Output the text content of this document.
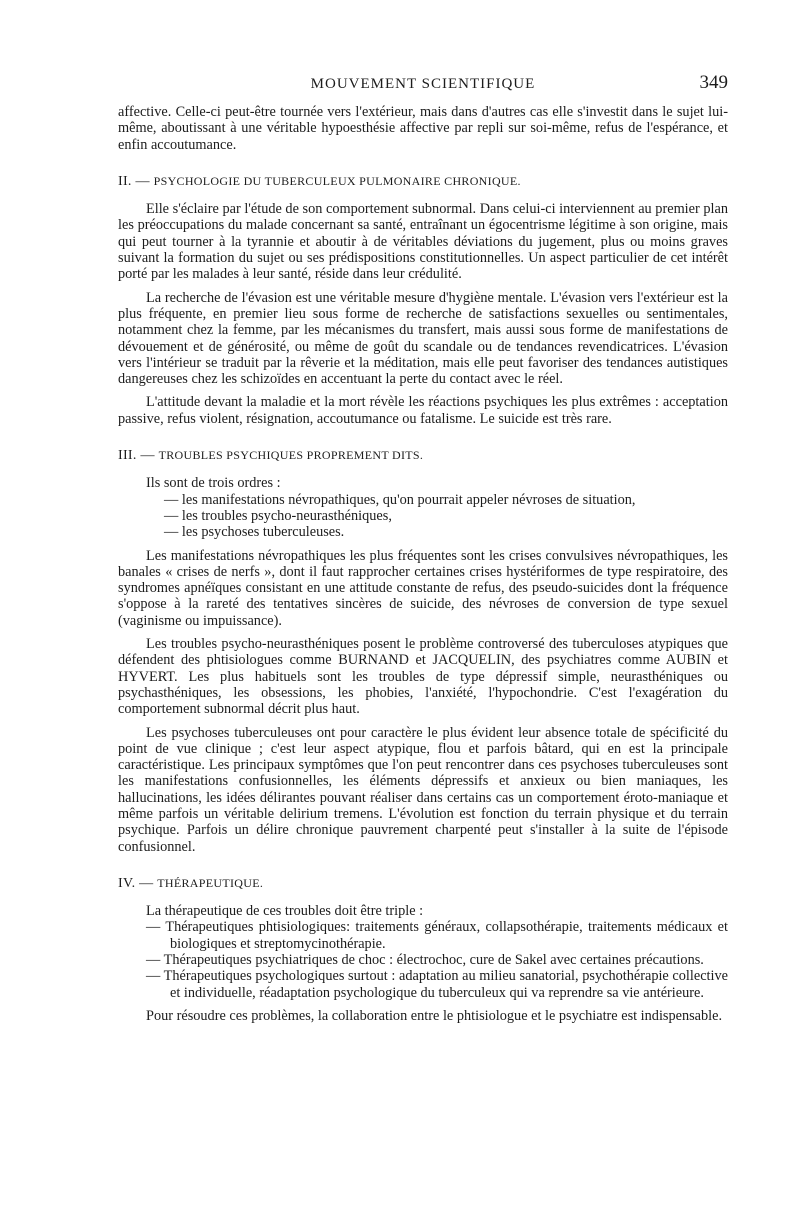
MOUVEMENT SCIENTIFIQUE	349

affective. Celle-ci peut-être tournée vers l'extérieur, mais dans d'autres cas elle s'investit dans le sujet lui-même, aboutissant à une véritable hypoesthésie affective par repli sur soi-même, refus de l'espérance, et enfin accoutumance.

II. — PSYCHOLOGIE DU TUBERCULEUX PULMONAIRE CHRONIQUE.

Elle s'éclaire par l'étude de son comportement subnormal. Dans celui-ci interviennent au premier plan les préoccupations du malade concernant sa santé, entraînant un égocentrisme légitime à son origine, mais qui peut tourner à la tyrannie et aboutir à de véritables déviations du jugement, plus ou moins graves suivant la formation du sujet ou ses prédispositions constitutionnelles. Un aspect particulier de cet intérêt porté par les malades à leur santé, réside dans leur crédulité.

La recherche de l'évasion est une véritable mesure d'hygiène mentale. L'évasion vers l'extérieur est la plus fréquente, en premier lieu sous forme de recherche de satisfactions sexuelles ou sentimentales, notamment chez la femme, par les mécanismes du transfert, mais aussi sous forme de manifestations de dévouement et de générosité, ou même de goût du scandale ou de tendances revendicatrices. L'évasion vers l'intérieur se traduit par la rêverie et la méditation, mais elle peut favoriser des tendances autistiques dangereuses chez les schizoïdes en accentuant la perte du contact avec le réel.

L'attitude devant la maladie et la mort révèle les réactions psychiques les plus extrêmes : acceptation passive, refus violent, résignation, accoutumance ou fatalisme. Le suicide est très rare.

III. — TROUBLES PSYCHIQUES PROPREMENT DITS.

Ils sont de trois ordres :

— les manifestations névropathiques, qu'on pourrait appeler névroses de situation,

— les troubles psycho-neurasthéniques,

— les psychoses tuberculeuses.

Les manifestations névropathiques les plus fréquentes sont les crises convulsives névropathiques, les banales « crises de nerfs », dont il faut rapprocher certaines crises hystériformes de type respiratoire, des syndromes apnéïques consistant en une attitude constante de refus, des pseudo-suicides dont la fréquence s'oppose à la rareté des tentatives sincères de suicide, des névroses de conversion de type sexuel (vaginisme ou impuissance).

Les troubles psycho-neurasthéniques posent le problème controversé des tuberculoses atypiques que défendent des phtisiologues comme BURNAND et JACQUELIN, des psychiatres comme AUBIN et HYVERT. Les plus habituels sont les troubles de type dépressif simple, neurasthéniques ou psychasthéniques, les obsessions, les phobies, l'anxiété, l'hypochondrie. C'est l'exagération du comportement subnormal décrit plus haut.

Les psychoses tuberculeuses ont pour caractère le plus évident leur absence totale de spécificité du point de vue clinique ; c'est leur aspect atypique, flou et parfois bâtard, qui en est la principale caractéristique. Les principaux symptômes que l'on peut rencontrer dans ces psychoses tuberculeuses sont les manifestations confusionnelles, les éléments dépressifs et anxieux ou bien maniaques, les hallucinations, les idées délirantes pouvant réaliser dans certains cas un comportement éroto-maniaque et même parfois un véritable delirium tremens. L'évolution est fonction du terrain physique et du terrain psychique. Parfois un délire chronique pauvrement charpenté peut s'installer à la suite de l'épisode confusionnel.

IV. — THÉRAPEUTIQUE.

La thérapeutique de ces troubles doit être triple :

— Thérapeutiques phtisiologiques: traitements généraux, collapsothérapie, traitements médicaux et biologiques et streptomycinothérapie.

— Thérapeutiques psychiatriques de choc : électrochoc, cure de Sakel avec certaines précautions.

— Thérapeutiques psychologiques surtout : adaptation au milieu sanatorial, psychothérapie collective et individuelle, réadaptation psychologique du tuberculeux qui va reprendre sa vie antérieure.

Pour résoudre ces problèmes, la collaboration entre le phtisiologue et le psychiatre est indispensable.
